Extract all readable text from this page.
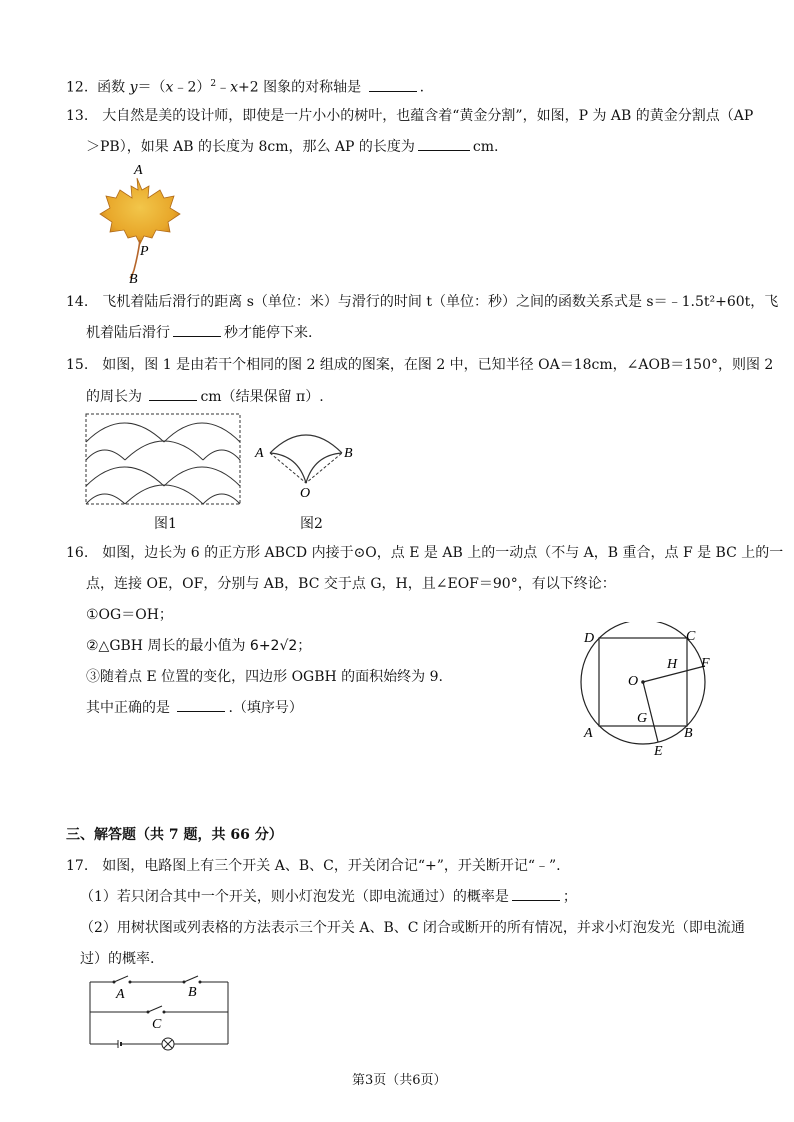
12. 函数 y＝（x﹣2）$^2$﹣x+2 图象的对称轴是	.
13.　大自然是美的设计师，即使是一片小小的树叶，也蕴含着“黄金分割”，如图，P 为 AB 的黄金分割点（AP
＞PB），如果 AB 的长度为 8cm，那么 AP 的长度为	cm.
A
P
B
14.　飞机着陆后滑行的距离 s（单位：米）与滑行的时间 t（单位：秒）之间的函数关系式是 s＝﹣1.5t²+60t，飞
机着陆后滑行	秒才能停下来.
15.　如图，图 1 是由若干个相同的图 2 组成的图案，在图 2 中，已知半径 OA＝18cm，∠AOB＝150°，则图 2
的周长为	cm（结果保留 π）.
图1
A	B
O
图2
16.　如图，边长为 6 的正方形 ABCD 内接于⊙O，点 E 是 AB 上的一动点（不与 A，B 重合，点 F 是 BC 上的一
点，连接 OE，OF，分别与 AB，BC 交于点 G，H，且∠EOF＝90°，有以下终论：
①OG＝OH；
②△GBH 周长的最小值为 6+2√2；
③随着点 E 位置的变化，四边形 OGBH 的面积始终为 9.
其中正确的是	.（填序号）
D	C
H F
O
G
A	B
E
三、解答题（共 7 题，共 66 分）
17.　如图，电路图上有三个开关 A、B、C，开关闭合记“+”，开关断开记“﹣”.
（1）若只闭合其中一个开关，则小灯泡发光（即电流通过）的概率是	；
（2）用树状图或列表格的方法表示三个开关 A、B、C 闭合或断开的所有情况，并求小灯泡发光（即电流通
过）的概率.
A	B
C
第3页（共6页）
